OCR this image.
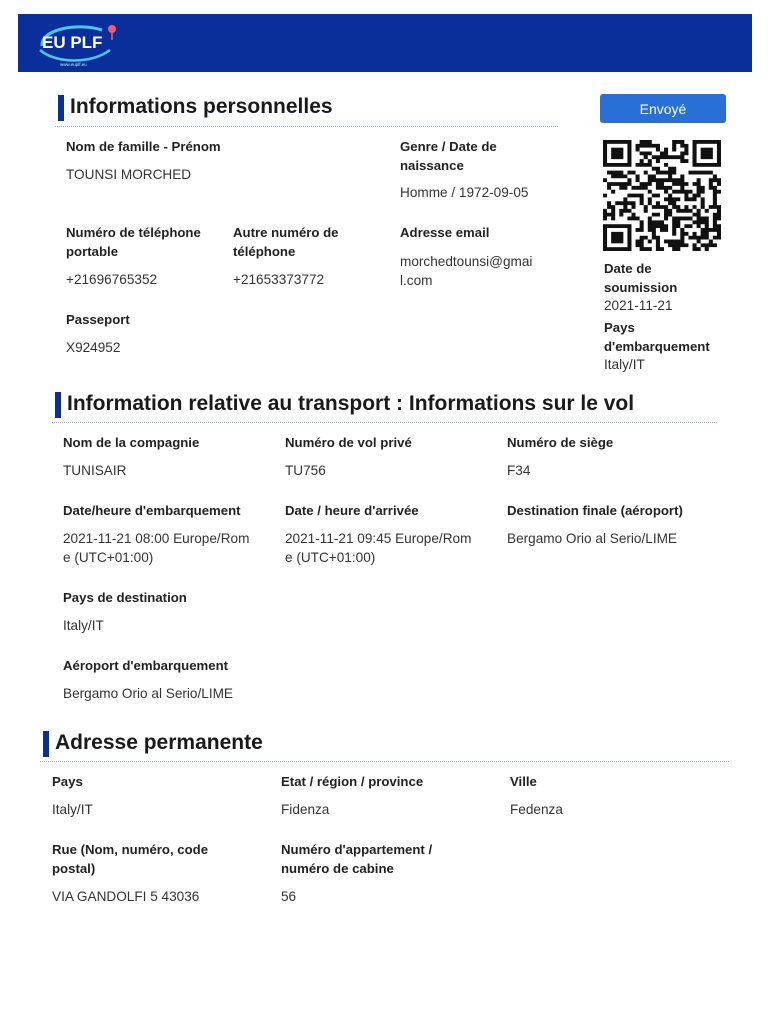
EU PLF
www.euplf.eu
Informations personnelles	Envoyé
Nom de famille - Prénom
TOUNSI MORCHED
Genre / Date de
naissance
Homme / 1972-09-05
Numéro de téléphone
portable
+21696765352
Autre numéro de
téléphone
+21653373772
Adresse email
morchedtounsi@gmai
l.com
Passeport
X924952
Date de
soumission
2021-11-21
Pays
d'embarquement
Italy/IT
Information relative au transport : Informations sur le vol
Nom de la compagnie
TUNISAIR
Numéro de vol privé
TU756
Numéro de siège
F34
Date/heure d'embarquement
2021-11-21 08:00 Europe/Rom
e (UTC+01:00)
Date / heure d'arrivée
2021-11-21 09:45 Europe/Rom
e (UTC+01:00)
Destination finale (aéroport)
Bergamo Orio al Serio/LIME
Pays de destination
Italy/IT
Aéroport d'embarquement
Bergamo Orio al Serio/LIME
Adresse permanente
Pays
Italy/IT
Etat / région / province
Fidenza
Ville
Fedenza
Rue (Nom, numéro, code
postal)
VIA GANDOLFI 5 43036
Numéro d'appartement /
numéro de cabine
56
